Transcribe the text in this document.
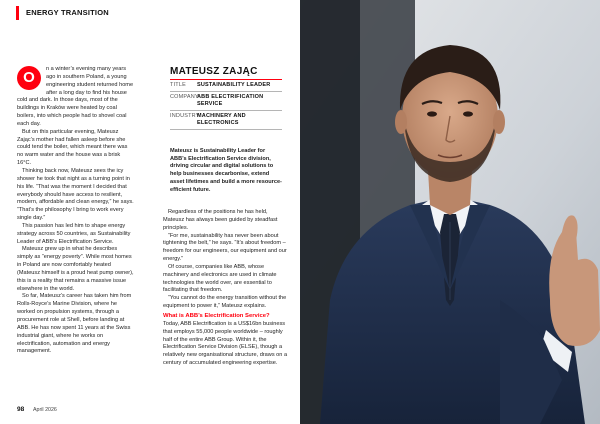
ENERGY TRANSITION
O	n a winter’s evening many years ago in southern Poland, a young engineering student returned home after a long day to find his house cold and dark. In those days, most of the buildings in Kraków were heated by coal boilers, into which people had to shovel coal each day.

But on this particular evening, Mateusz Zając’s mother had fallen asleep before she could tend the boiler, which meant there was no warm water and the house was a brisk 16°C.

Thinking back now, Mateusz sees the icy shower he took that night as a turning point in his life. “That was the moment I decided that everybody should have access to resilient, modern, affordable and clean energy,” he says. “That’s the philosophy I bring to work every single day.”

This passion has led him to shape energy strategy across 50 countries, as Sustainability Leader of ABB’s Electrification Service.

Mateusz grew up in what he describes simply as “energy poverty”. While most homes in Poland are now comfortably heated (Mateusz himself is a proud heat pump owner), this is a reality that remains a massive issue elsewhere in the world.

So far, Mateusz’s career has taken him from Rolls-Royce’s Marine Division, where he worked on propulsion systems, through a procurement role at Shell, before landing at ABB. He has now spent 11 years at the Swiss industrial giant, where he works on electrification, automation and energy management.

MATEUSZ ZAJĄC
TITLE	SUSTAINABILITY LEADER
COMPANY
ABB ELECTRIFICATION SERVICE
INDUSTRY
MACHINERY AND ELECTRONICS
Mateusz is Sustainability Leader for ABB’s Electrification Service division, driving circular and digital solutions to help businesses decarbonise, extend asset lifetimes and build a more resource-efficient future.

Regardless of the positions he has held, Mateusz has always been guided by steadfast principles.

“For me, sustainability has never been about tightening the belt,” he says. “It’s about freedom – freedom for our engineers, our equipment and our energy.”

Of course, companies like ABB, whose machinery and electronics are used in climate technologies the world over, are essential to facilitating that freedom.

“You cannot do the energy transition without the equipment to power it,” Mateusz explains.

What is ABB’s Electrification Service?

Today, ABB Electrification is a US$16bn business that employs 55,000 people worldwide – roughly half of the entire ABB Group. Within it, the Electrification Service Division (ELSE), though a relatively new organisational structure, draws on a century of accumulated engineering expertise.

98 April 2026
